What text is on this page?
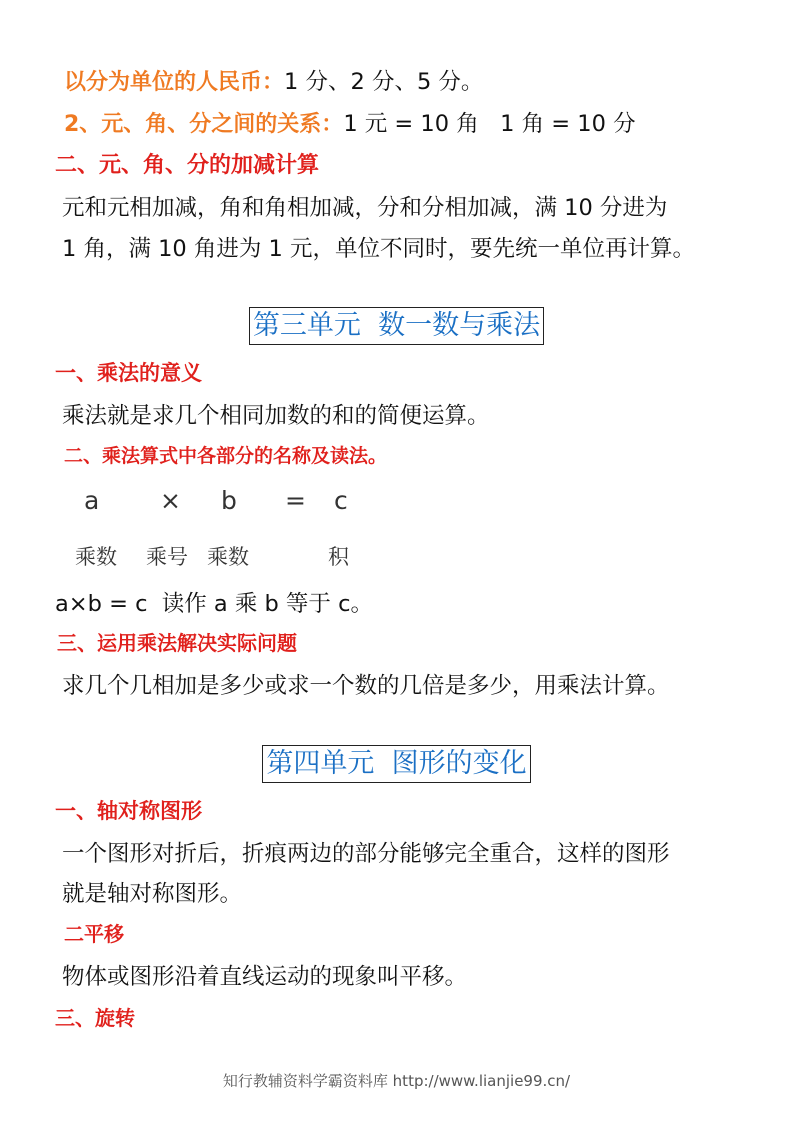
以分为单位的人民币：1 分、2 分、5 分。
2、元、角、分之间的关系：1 元 = 10 角   1 角 = 10 分
二、元、角、分的加减计算
元和元相加减，角和角相加减，分和分相加减，满 10 分进为
1 角，满 10 角进为 1 元，单位不同时，要先统一单位再计算。
第三单元  数一数与乘法
一、乘法的意义
乘法就是求几个相同加数的和的简便运算。
二、乘法算式中各部分的名称及读法。
a × b = c
乘数 乘号 乘数	积
a×b = c  读作 a 乘 b 等于 c。
三、运用乘法解决实际问题
求几个几相加是多少或求一个数的几倍是多少，用乘法计算。
第四单元  图形的变化
一、轴对称图形
一个图形对折后，折痕两边的部分能够完全重合，这样的图形
就是轴对称图形。
二平移
物体或图形沿着直线运动的现象叫平移。
三、旋转
知行教辅资料学霸资料库 http://www.lianjie99.cn/
